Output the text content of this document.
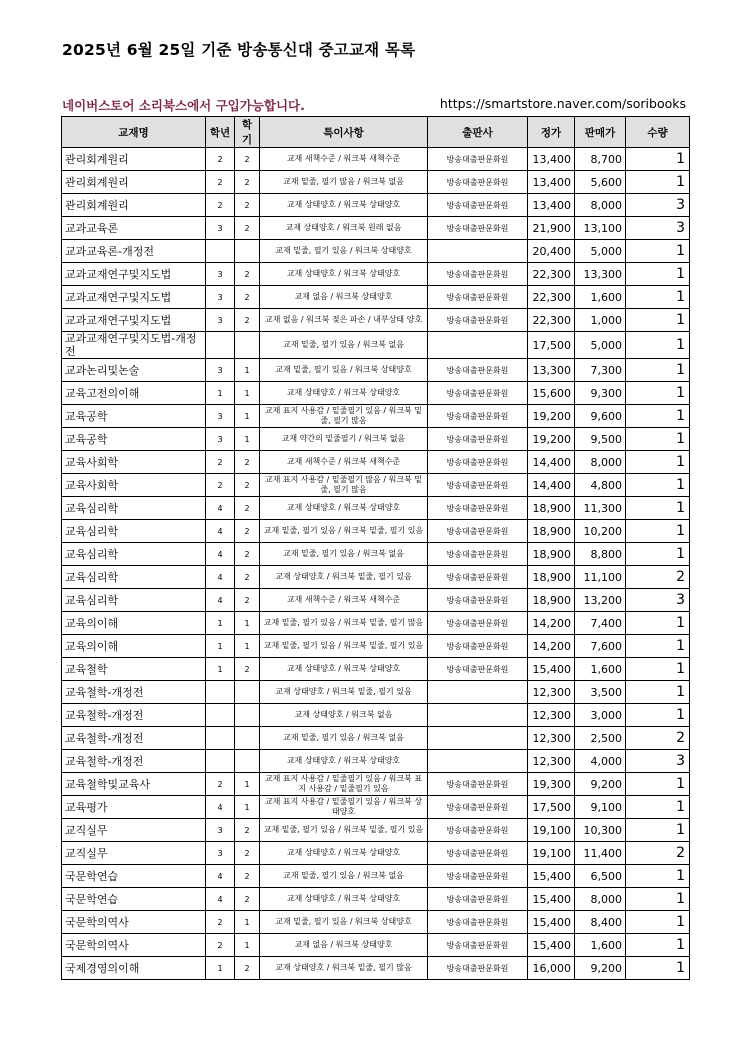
2025년 6월 25일 기준 방송통신대 중고교재 목록
네이버스토어 소리북스에서 구입가능합니다.	https://smartstore.naver.com/soribooks
교재명	학년	학기	특이사항	출판사	정가	판매가	수량
관리회계원리	2	2	교재 새책수준 / 워크북 새책수준	방송대출판문화원	13,400	8,700	1
관리회계원리	2	2	교재 밑줄, 필기 많음 / 워크북 없음	방송대출판문화원	13,400	5,600	1
관리회계원리	2	2	교재 상태양호 / 워크북 상태양호	방송대출판문화원	13,400	8,000	3
교과교육론	3	2	교재 상태양호 / 워크북 원래 없음	방송대출판문화원	21,900	13,100	3
교과교육론-개정전			교재 밑줄, 필기 있음 / 워크북 상태양호		20,400	5,000	1
교과교재연구및지도법	3	2	교재 상태양호 / 워크북 상태양호	방송대출판문화원	22,300	13,300	1
교과교재연구및지도법	3	2	교재 없음 / 워크북 상태양호	방송대출판문화원	22,300	1,600	1
교과교재연구및지도법	3	2	교재 없음 / 워크북 젖은 파손 / 내부상태 양호	방송대출판문화원	22,300	1,000	1
교과교재연구및지도법-개정전			교재 밑줄, 필기 있음 / 워크북 없음		17,500	5,000	1
교과논리및논술	3	1	교재 밑줄, 필기 있음 / 워크북 상태양호	방송대출판문화원	13,300	7,300	1
교육고전의이해	1	1	교재 상태양호 / 워크북 상태양호	방송대출판문화원	15,600	9,300	1
교육공학	3	1	교재 표지 사용감 / 밑줄필기 있음 / 워크북 밑줄, 필기 많음	방송대출판문화원	19,200	9,600	1
교육공학	3	1	교재 약간의 밑줄필기 / 워크북 없음	방송대출판문화원	19,200	9,500	1
교육사회학	2	2	교재 새책수준 / 워크북 새책수준	방송대출판문화원	14,400	8,000	1
교육사회학	2	2	교재 표지 사용감 / 밑줄필기 많음 / 워크북 밑줄, 필기 많음	방송대출판문화원	14,400	4,800	1
교육심리학	4	2	교재 상태양호 / 워크북 상태양호	방송대출판문화원	18,900	11,300	1
교육심리학	4	2	교재 밑줄, 필기 있음 / 워크북 밑줄, 필기 있음	방송대출판문화원	18,900	10,200	1
교육심리학	4	2	교재 밑줄, 필기 있음 / 워크북 없음	방송대출판문화원	18,900	8,800	1
교육심리학	4	2	교재 상태양호 / 워크북 밑줄, 필기 있음	방송대출판문화원	18,900	11,100	2
교육심리학	4	2	교재 새책수준 / 워크북 새책수준	방송대출판문화원	18,900	13,200	3
교육의이해	1	1	교재 밑줄, 필기 있음 / 워크북 밑줄, 필기 많음	방송대출판문화원	14,200	7,400	1
교육의이해	1	1	교재 밑줄, 필기 있음 / 워크북 밑줄, 필기 있음	방송대출판문화원	14,200	7,600	1
교육철학	1	2	교재 상태양호 / 워크북 상태양호	방송대출판문화원	15,400	1,600	1
교육철학-개정전			교재 상태양호 / 워크북 밑줄, 필기 있음		12,300	3,500	1
교육철학-개정전			교재 상태양호 / 워크북 없음		12,300	3,000	1
교육철학-개정전			교재 밑줄, 필기 있음 / 워크북 없음		12,300	2,500	2
교육철학-개정전			교재 상태양호 / 워크북 상태양호		12,300	4,000	3
교육철학및교육사	2	1	교재 표지 사용감 / 밑줄필기 있음 / 워크북 표지 사용감 / 밑줄필기 있음	방송대출판문화원	19,300	9,200	1
교육평가	4	1	교재 표지 사용감 / 밑줄필기 있음 / 워크북 상태양호	방송대출판문화원	17,500	9,100	1
교직실무	3	2	교재 밑줄, 필기 있음 / 워크북 밑줄, 필기 있음	방송대출판문화원	19,100	10,300	1
교직실무	3	2	교재 상태양호 / 워크북 상태양호	방송대출판문화원	19,100	11,400	2
국문학연습	4	2	교재 밑줄, 필기 있음 / 워크북 없음	방송대출판문화원	15,400	6,500	1
국문학연습	4	2	교재 상태양호 / 워크북 상태양호	방송대출판문화원	15,400	8,000	1
국문학의역사	2	1	교재 밑줄, 필기 있음 / 워크북 상태양호	방송대출판문화원	15,400	8,400	1
국문학의역사	2	1	교재 없음 / 워크북 상태양호	방송대출판문화원	15,400	1,600	1
국제경영의이해	1	2	교재 상태양호 / 워크북 밑줄, 필기 많음	방송대출판문화원	16,000	9,200	1
